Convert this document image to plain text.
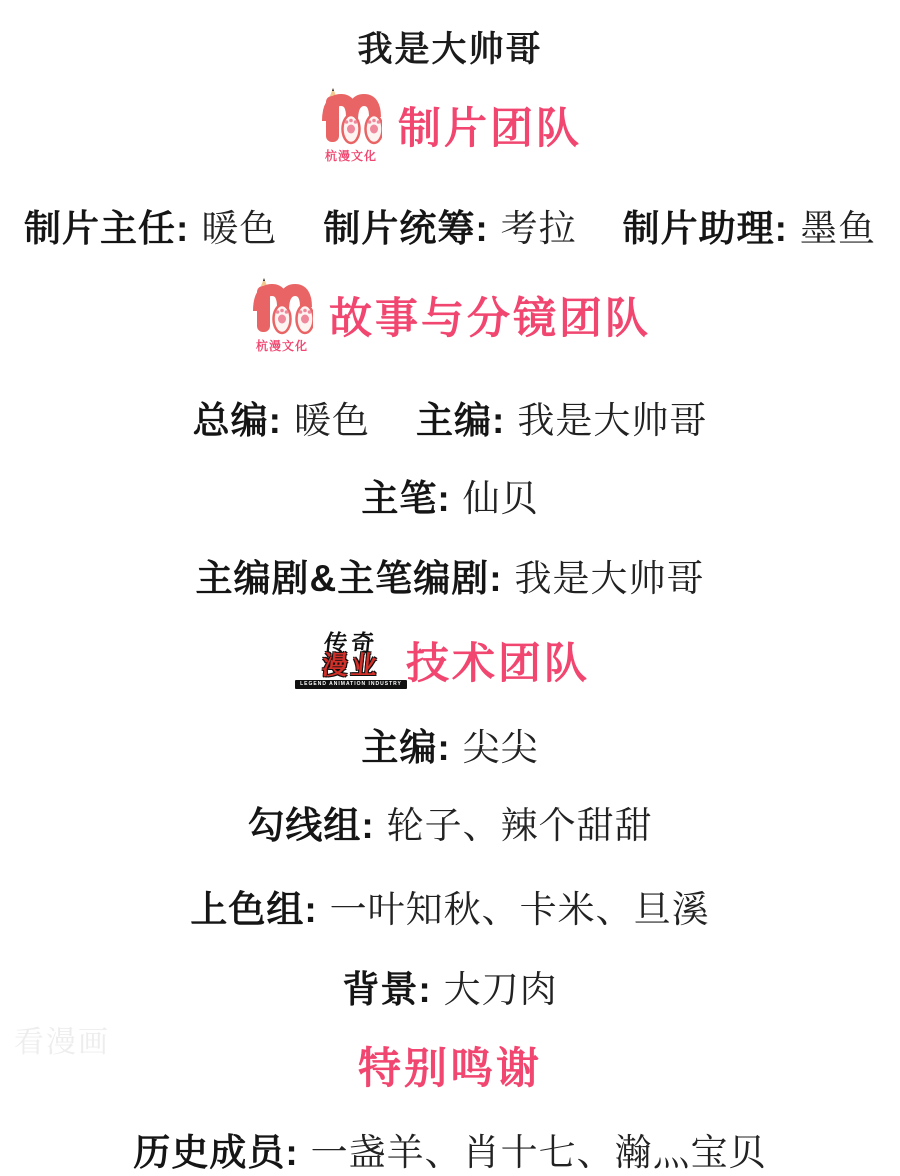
我是大帅哥
杭漫文化
制片团队
制片主任: 暖色 制片统筹: 考拉 制片助理: 墨鱼
杭漫文化
故事与分镜团队
总编: 暖色 主编: 我是大帅哥
主笔: 仙贝
主编剧&主笔编剧: 我是大帅哥
传奇
漫业
LEGEND ANIMATION INDUSTRY 技术团队
主编: 尖尖
勾线组: 轮子、辣个甜甜
上色组: 一叶知秋、卡米、旦溪
背景: 大刀肉
特别鸣谢
历史成员: 一盏羊、肖十七、瀚灬宝贝
看漫画
